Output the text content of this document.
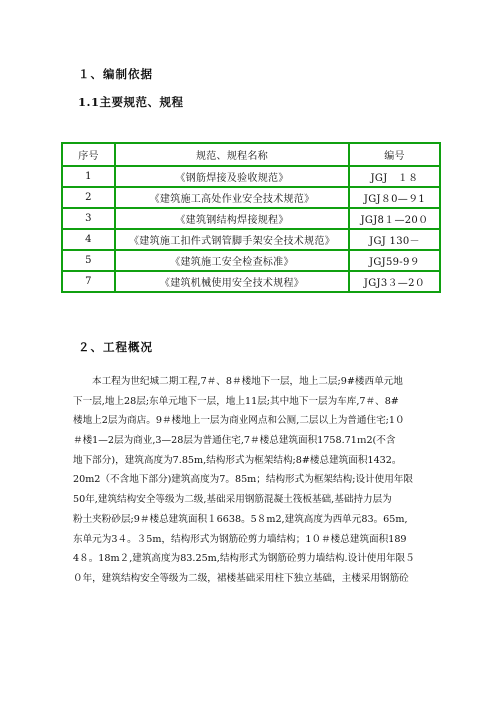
１、编制依据
1.1主要规范、规程
序号	规范、规程名称	编号
1	《钢筋焊接及验收规范》	JGJ　１８
2	《建筑施工高处作业安全技术规范》	JGJ８0—９1
3	《建筑钢结构焊接规程》	JGJ8１—20０
4	《建筑施工扣件式钢管脚手架安全技术规范》	JGJ 130－
5	《建筑施工安全检查标准》	JGJ59-9９
7	《建筑机械使用安全技术规程》	JGJ3３—2０
２、工程概况
本工程为世纪城二期工程,7＃、8＃楼地下一层，地上二层;9#楼西单元地
下一层,地上28层;东单元地下一层，地上11层;其中地下一层为车库,7＃、8#
楼地上2层为商店。9＃楼地上一层为商业网点和公厕,二层以上为普通住宅;1０
＃楼1—2层为商业,3—28层为普通住宅,7＃楼总建筑面积1758.71ｍ2(不含
地下部分)，建筑高度为7.85m,结构形式为框架结构;8#楼总建筑面积1432。
20m2（不含地下部分)建筑高度为7。85m；结构形式为框架结构;设计使用年限
50年,建筑结构安全等级为二级,基础采用钢筋混凝土筏板基础,基础持力层为
粉土夹粉砂层;9＃楼总建筑面积１6638。5８m2,建筑高度为西单元83。65m,
东单元为3４。３5m，结构形式为钢筋砼剪力墙结构；1０＃楼总建筑面积189
4８。18m２,建筑高度为83.25m,结构形式为钢筋砼剪力墙结构.设计使用年限５
０年，建筑结构安全等级为二级，裙楼基础采用柱下独立基础，主楼采用钢筋砼
